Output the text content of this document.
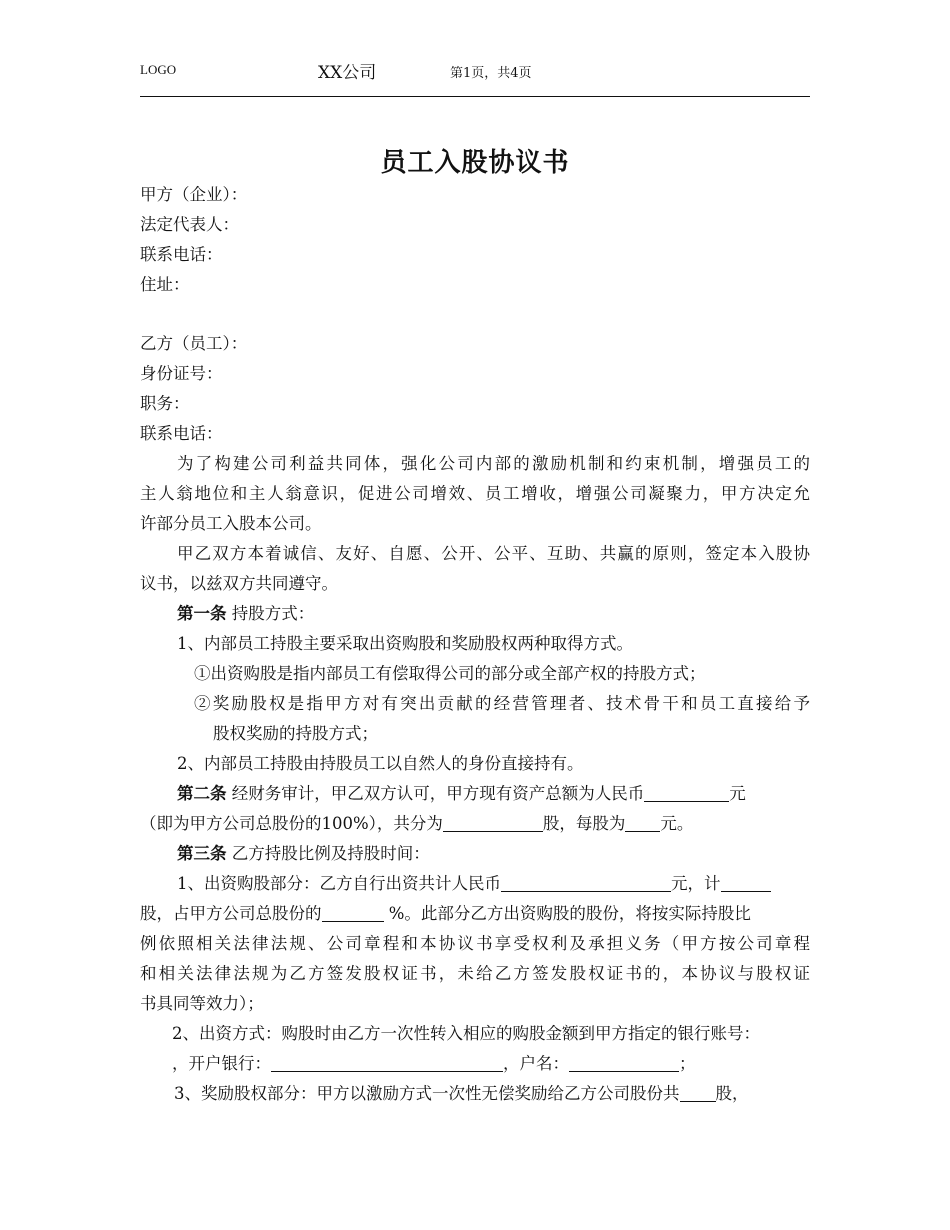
LOGO	XX公司	第1页，共4页
员工入股协议书
甲方（企业）：
法定代表人：
联系电话：
住址：
乙方（员工）：
身份证号：
职务：
联系电话：
为了构建公司利益共同体，强化公司内部的激励机制和约束机制，增强员工的
主人翁地位和主人翁意识，促进公司增效、员工增收，增强公司凝聚力，甲方决定允
许部分员工入股本公司。
甲乙双方本着诚信、友好、自愿、公开、公平、互助、共赢的原则，签定本入股协
议书，以兹双方共同遵守。
第一条 持股方式：
1、内部员工持股主要采取出资购股和奖励股权两种取得方式。
①出资购股是指内部员工有偿取得公司的部分或全部产权的持股方式；
②奖励股权是指甲方对有突出贡献的经营管理者、技术骨干和员工直接给予
股权奖励的持股方式；
2、内部员工持股由持股员工以自然人的身份直接持有。
第二条 经财务审计，甲乙双方认可，甲方现有资产总额为人民币	元
（即为甲方公司总股份的100%），共分为	股，每股为 元。
第三条 乙方持股比例及持股时间：
1、出资购股部分：乙方自行出资共计人民币	元，计
股，占甲方公司总股份的	%。此部分乙方出资购股的股份，将按实际持股比
例依照相关法律法规、公司章程和本协议书享受权利及承担义务（甲方按公司章程
和相关法律法规为乙方签发股权证书，未给乙方签发股权证书的，本协议与股权证
书具同等效力）；
2、出资方式：购股时由乙方一次性转入相应的购股金额到甲方指定的银行账号：
，开户银行：	，户名：	；
3、奖励股权部分：甲方以激励方式一次性无偿奖励给乙方公司股份共 股，
